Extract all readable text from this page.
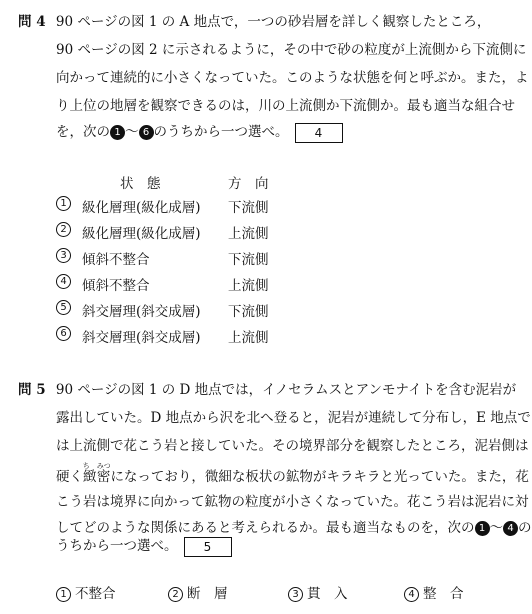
問 4 90 ページの図 1 の A 地点で，一つの砂岩層を詳しく観察したところ，
90 ページの図 2 に示されるように，その中で砂の粒度が上流側から下流側に
向かって連続的に小さくなっていた。このような状態を何と呼ぶか。また，よ
り上位の地層を観察できるのは，川の上流側か下流側か。最も適当な組合せ
を，次の 1 〜 6 のうちから一つ選べ。 4
状　態	方　向
1	級化層理(級化成層) 下流側
2	級化層理(級化成層) 上流側
3	傾斜不整合	下流側
4	傾斜不整合	上流側
5	斜交層理(斜交成層) 下流側
6	斜交層理(斜交成層) 上流側
問 5 90 ページの図 1 の D 地点では，イノセラムスとアンモナイトを含む泥岩が
露出していた。D 地点から沢を北へ登ると，泥岩が連続して分布し，E 地点で
は上流側で花こう岩と接していた。その境界部分を観察したところ，泥岩側は
硬く緻密ち　みつになっており，微細な板状の鉱物がキラキラと光っていた。また，花
こう岩は境界に向かって鉱物の粒度が小さくなっていた。花こう岩は泥岩に対
してどのような関係にあると考えられるか。最も適当なものを，次の 1 〜 4 の
うちから一つ選べ。 5
1 不整合	2 断　層	3 貫　入	4 整　合
